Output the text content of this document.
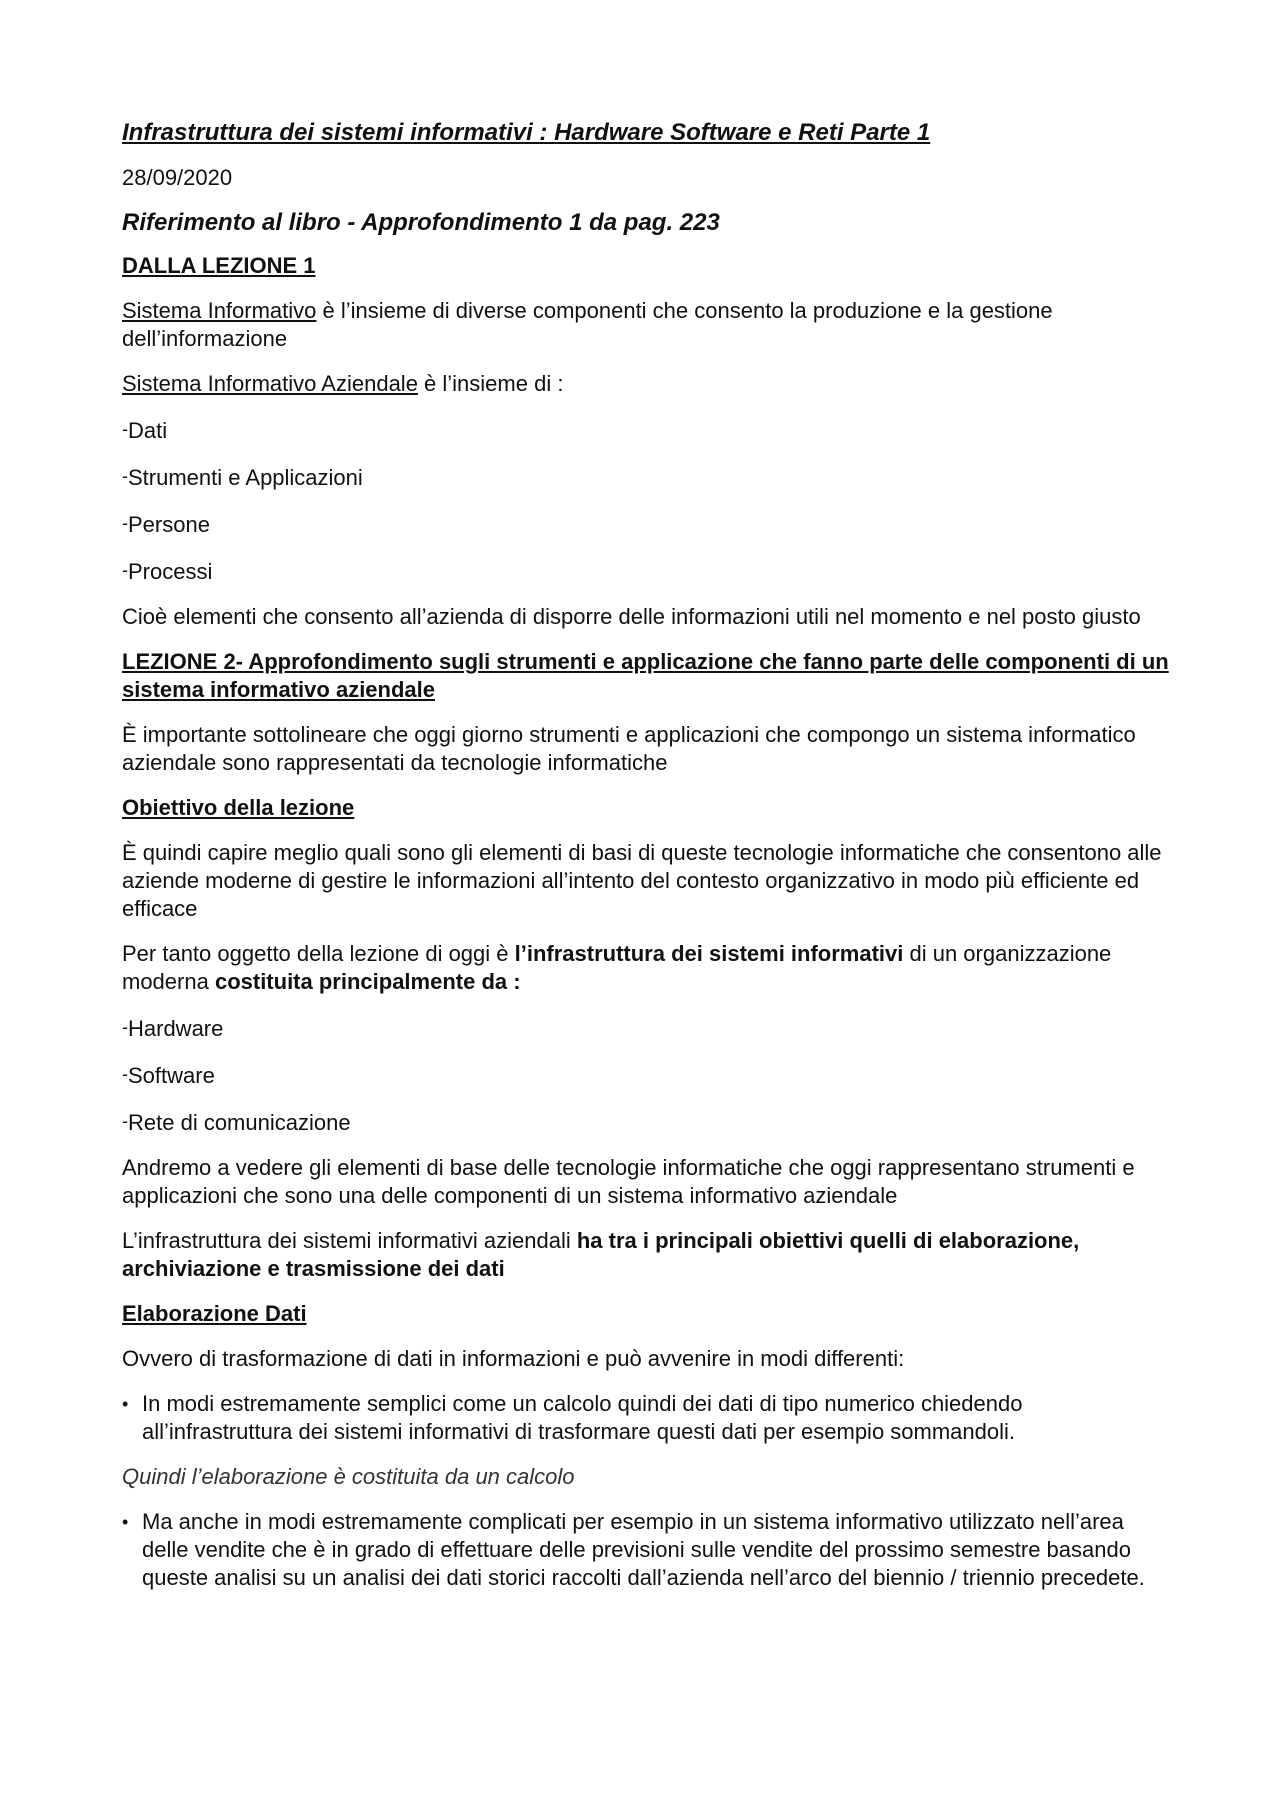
Infrastruttura dei sistemi informativi : Hardware Software e Reti Parte 1
28/09/2020
Riferimento al libro - Approfondimento 1 da pag. 223
DALLA LEZIONE 1

Sistema Informativo è l’insieme di diverse componenti che consento la produzione e la gestione dell’informazione

Sistema Informativo Aziendale è l’insieme di :

-Dati
-Strumenti e Applicazioni
-Persone
-Processi

Cioè elementi che consento all’azienda di disporre delle informazioni utili nel momento e nel posto giusto

LEZIONE 2- Approfondimento sugli strumenti e applicazione che fanno parte delle componenti di un sistema informativo aziendale

È importante sottolineare che oggi giorno strumenti e applicazioni che compongo un sistema informatico aziendale sono rappresentati da tecnologie informatiche

Obiettivo della lezione

È quindi capire meglio quali sono gli elementi di basi di queste tecnologie informatiche che consentono alle aziende moderne di gestire le informazioni all’intento del contesto organizzativo in modo più efficiente ed efficace

Per tanto oggetto della lezione di oggi è l’infrastruttura dei sistemi informativi di un organizzazione moderna costituita principalmente da :

-Hardware
-Software
-Rete di comunicazione

Andremo a vedere gli elementi di base delle tecnologie informatiche che oggi rappresentano strumenti e applicazioni che sono una delle componenti di un sistema informativo aziendale

L’infrastruttura dei sistemi informativi aziendali ha tra i principali obiettivi quelli di elaborazione, archiviazione e trasmissione dei dati

Elaborazione Dati

Ovvero di trasformazione di dati in informazioni e può avvenire in modi differenti:

• In modi estremamente semplici come un calcolo quindi dei dati di tipo numerico chiedendo all’infrastruttura dei sistemi informativi di trasformare questi dati per esempio sommandoli.
Quindi l’elaborazione è costituita da un calcolo
• Ma anche in modi estremamente complicati per esempio in un sistema informativo utilizzato nell’area delle vendite che è in grado di effettuare delle previsioni sulle vendite del prossimo semestre basando queste analisi su un analisi dei dati storici raccolti dall’azienda nell’arco del biennio / triennio precedete.
